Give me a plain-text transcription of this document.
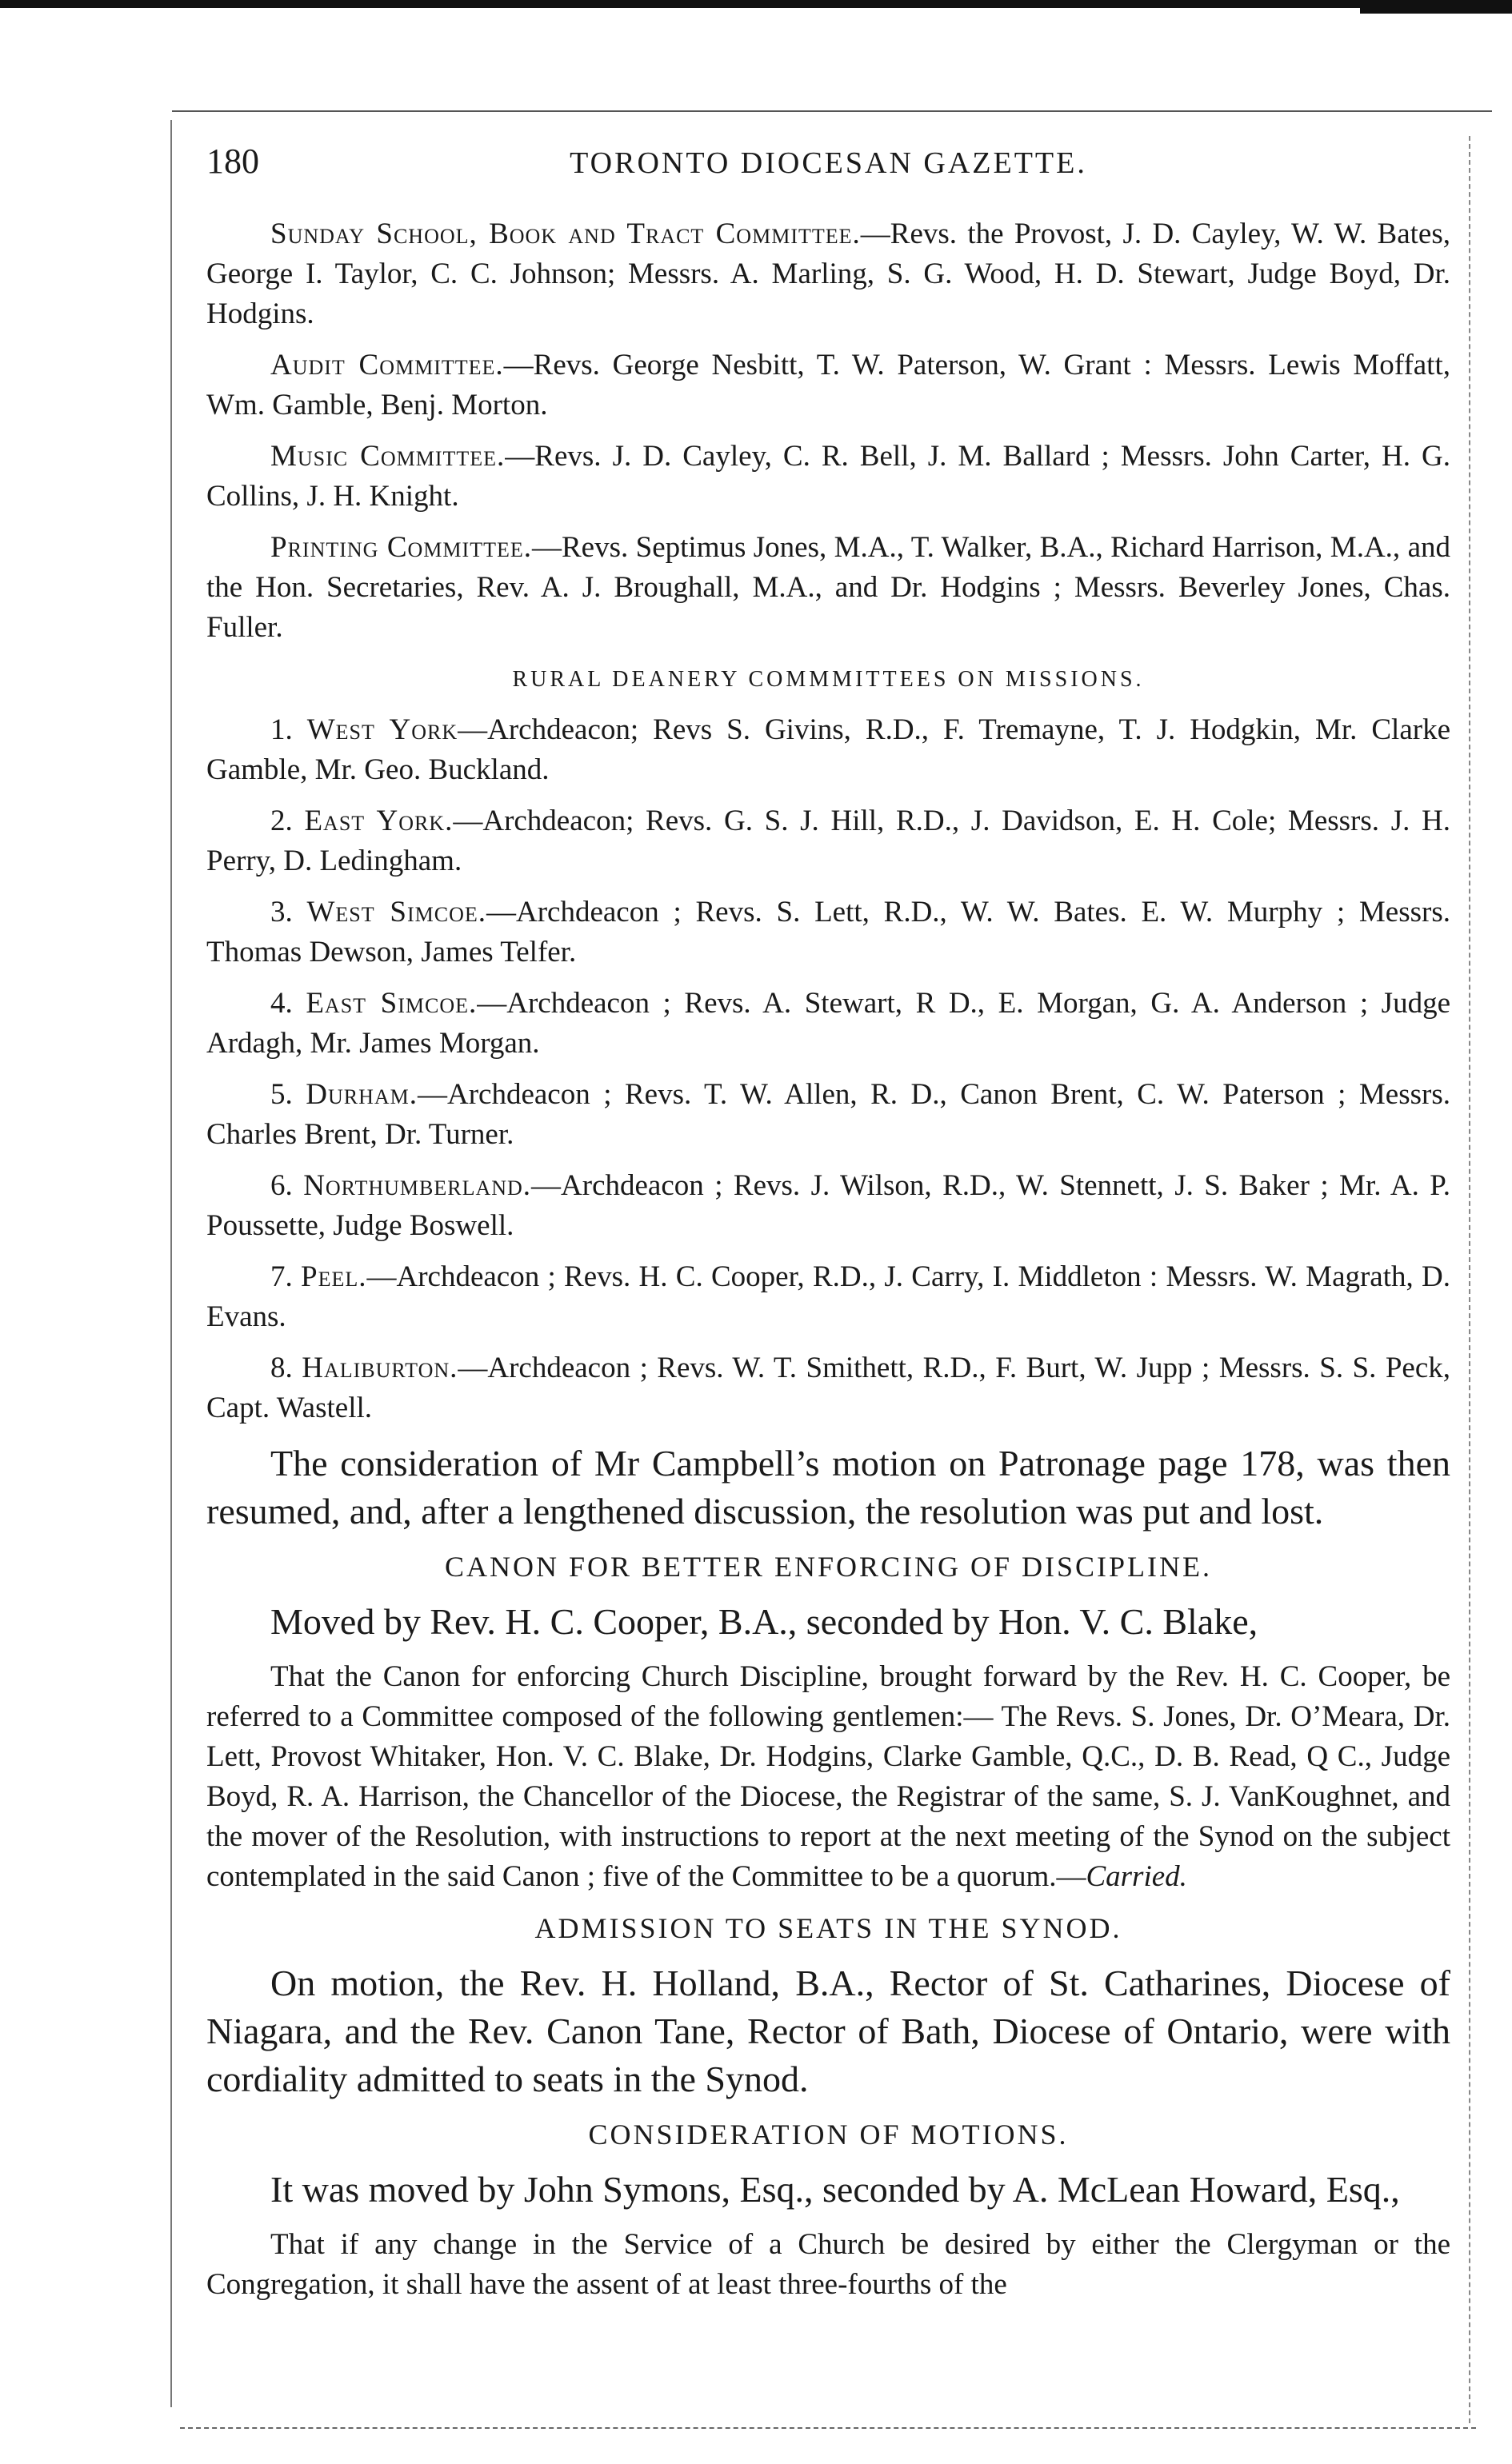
180	TORONTO DIOCESAN GAZETTE.

Sunday School, Book and Tract Committee.—Revs. the Provost, J. D. Cayley, W. W. Bates, George I. Taylor, C. C. Johnson; Messrs. A. Marling, S. G. Wood, H. D. Stewart, Judge Boyd, Dr. Hodgins.

Audit Committee.—Revs. George Nesbitt, T. W. Paterson, W. Grant : Messrs. Lewis Moffatt, Wm. Gamble, Benj. Morton.

Music Committee.—Revs. J. D. Cayley, C. R. Bell, J. M. Ballard ; Messrs. John Carter, H. G. Collins, J. H. Knight.

Printing Committee.—Revs. Septimus Jones, M.A., T. Walker, B.A., Richard Harrison, M.A., and the Hon. Secretaries, Rev. A. J. Broughall, M.A., and Dr. Hodgins ; Messrs. Beverley Jones, Chas. Fuller.

RURAL DEANERY COMMMITTEES ON MISSIONS.

1. West York—Archdeacon; Revs S. Givins, R.D., F. Tremayne, T. J. Hodgkin, Mr. Clarke Gamble, Mr. Geo. Buckland.

2. East York.—Archdeacon; Revs. G. S. J. Hill, R.D., J. Davidson, E. H. Cole; Messrs. J. H. Perry, D. Ledingham.

3. West Simcoe.—Archdeacon ; Revs. S. Lett, R.D., W. W. Bates. E. W. Murphy ; Messrs. Thomas Dewson, James Telfer.

4. East Simcoe.—Archdeacon ; Revs. A. Stewart, R D., E. Morgan, G. A. Anderson ; Judge Ardagh, Mr. James Morgan.

5. Durham.—Archdeacon ; Revs. T. W. Allen, R. D., Canon Brent, C. W. Paterson ; Messrs. Charles Brent, Dr. Turner.

6. Northumberland.—Archdeacon ; Revs. J. Wilson, R.D., W. Stennett, J. S. Baker ; Mr. A. P. Poussette, Judge Boswell.

7. Peel.—Archdeacon ; Revs. H. C. Cooper, R.D., J. Carry, I. Middleton : Messrs. W. Magrath, D. Evans.

8. Haliburton.—Archdeacon ; Revs. W. T. Smithett, R.D., F. Burt, W. Jupp ; Messrs. S. S. Peck, Capt. Wastell.

The consideration of Mr Campbell’s motion on Patronage page 178, was then resumed, and, after a lengthened discussion, the resolution was put and lost.

CANON FOR BETTER ENFORCING OF DISCIPLINE.

Moved by Rev. H. C. Cooper, B.A., seconded by Hon. V. C. Blake,

That the Canon for enforcing Church Discipline, brought forward by the Rev. H. C. Cooper, be referred to a Committee composed of the following gentlemen:— The Revs. S. Jones, Dr. O’Meara, Dr. Lett, Provost Whitaker, Hon. V. C. Blake, Dr. Hodgins, Clarke Gamble, Q.C., D. B. Read, Q C., Judge Boyd, R. A. Harrison, the Chancellor of the Diocese, the Registrar of the same, S. J. VanKoughnet, and the mover of the Resolution, with instructions to report at the next meeting of the Synod on the subject contemplated in the said Canon ; five of the Committee to be a quorum.—Carried.

ADMISSION TO SEATS IN THE SYNOD.

On motion, the Rev. H. Holland, B.A., Rector of St. Catharines, Diocese of Niagara, and the Rev. Canon Tane, Rector of Bath, Diocese of Ontario, were with cordiality admitted to seats in the Synod.

CONSIDERATION OF MOTIONS.

It was moved by John Symons, Esq., seconded by A. McLean Howard, Esq.,

That if any change in the Service of a Church be desired by either the Clergyman or the Congregation, it shall have the assent of at least three-fourths of the
